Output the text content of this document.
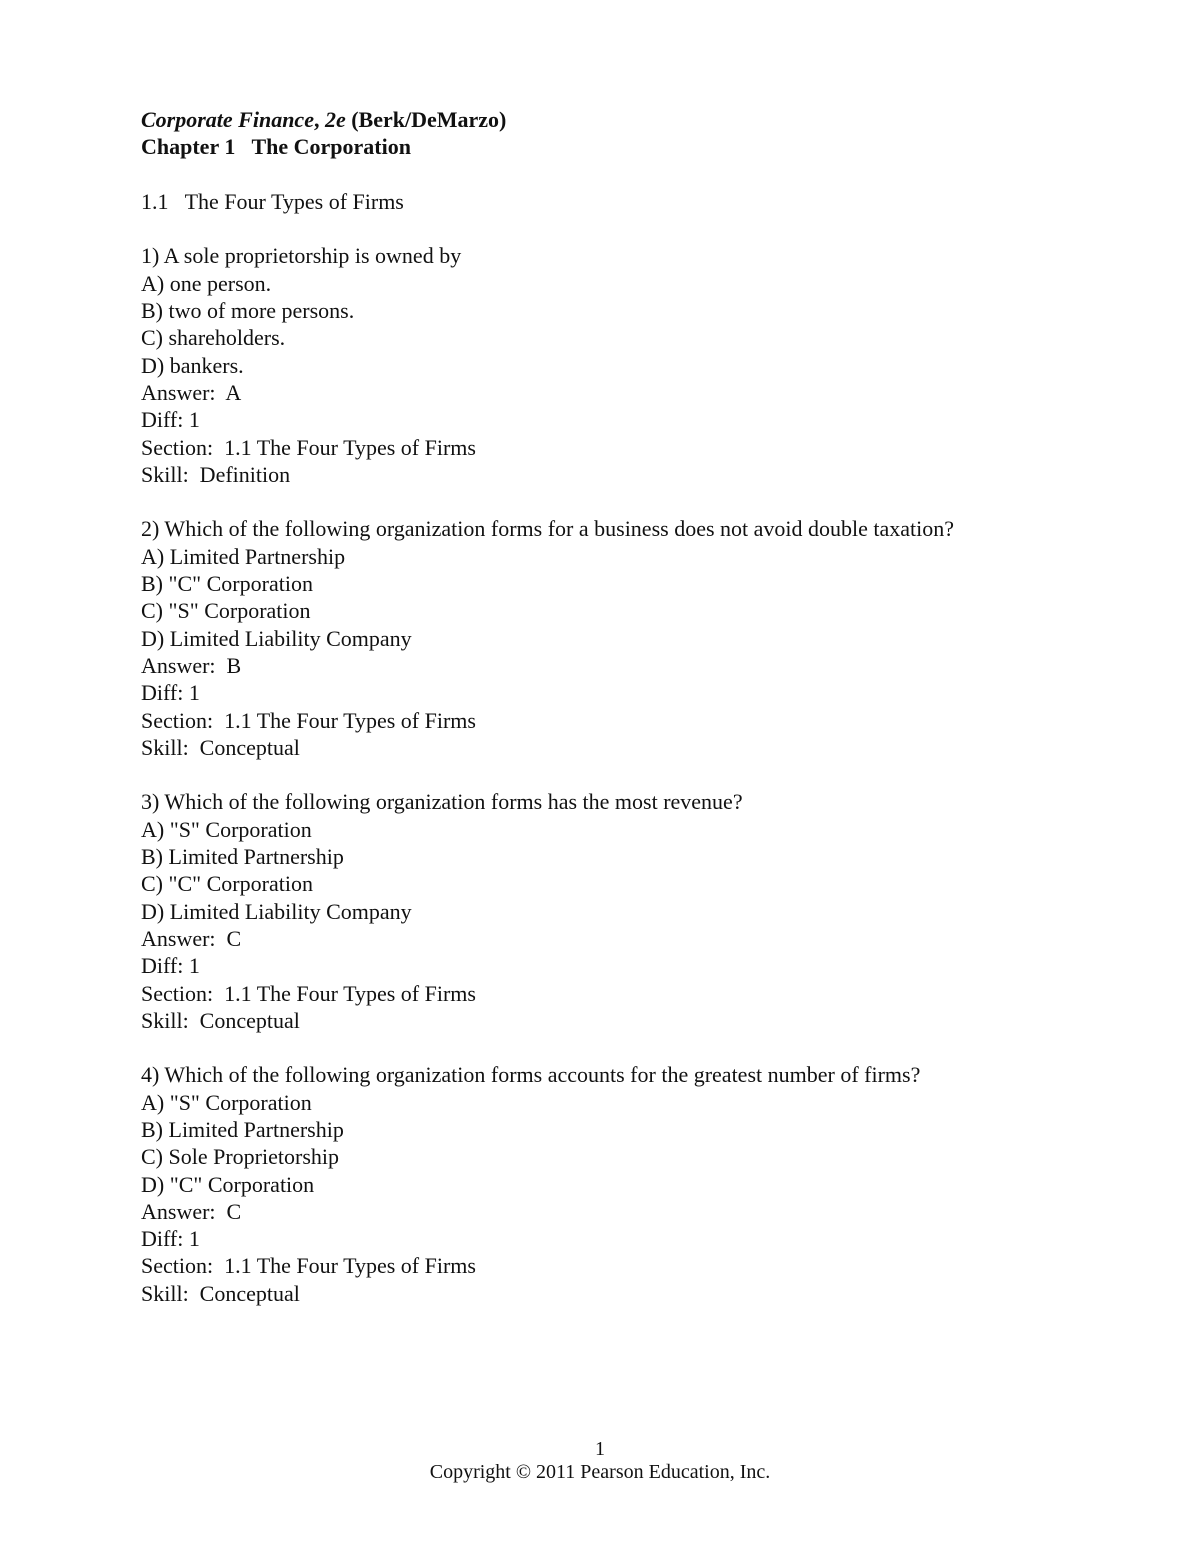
Corporate Finance, 2e (Berk/DeMarzo)
Chapter 1 The Corporation
1.1   The Four Types of Firms
1) A sole proprietorship is owned by
A) one person.
B) two of more persons.
C) shareholders.
D) bankers.
Answer:  A
Diff: 1
Section:  1.1 The Four Types of Firms
Skill:  Definition
2) Which of the following organization forms for a business does not avoid double taxation?
A) Limited Partnership
B) "C" Corporation
C) "S" Corporation
D) Limited Liability Company
Answer:  B
Diff: 1
Section:  1.1 The Four Types of Firms
Skill:  Conceptual
3) Which of the following organization forms has the most revenue?
A) "S" Corporation
B) Limited Partnership
C) "C" Corporation
D) Limited Liability Company
Answer:  C
Diff: 1
Section:  1.1 The Four Types of Firms
Skill:  Conceptual
4) Which of the following organization forms accounts for the greatest number of firms?
A) "S" Corporation
B) Limited Partnership
C) Sole Proprietorship
D) "C" Corporation
Answer:  C
Diff: 1
Section:  1.1 The Four Types of Firms
Skill:  Conceptual
1
Copyright © 2011 Pearson Education, Inc.
